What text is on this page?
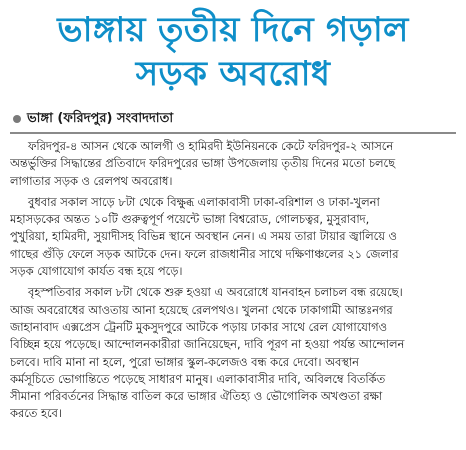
ভাঙ্গায় তৃতীয় দিনে গড়াল
সড়ক অবরোধ
ভাঙ্গা (ফরিদপুর) সংবাদদাতা

ফরিদপুর-৪ আসন থেকে আলগী ও হামিরদী ইউনিয়নকে কেটে ফরিদপুর-২ আসনে
অন্তর্ভুক্তির সিদ্ধান্তের প্রতিবাদে ফরিদপুরের ভাঙ্গা উপজেলায় তৃতীয় দিনের মতো চলছে
লাগাতার সড়ক ও রেলপথ অবরোধ।

বুধবার সকাল সাড়ে ৮টা থেকে বিক্ষুব্ধ এলাকাবাসী ঢাকা-বরিশাল ও ঢাকা-খুলনা
মহাসড়কের অন্তত ১০টি গুরুত্বপূর্ণ পয়েন্টে ভাঙ্গা বিশ্বরোড, গোলচত্বর, মুসুরাবাদ,
পুখুরিয়া, হামিরদী, সুয়াদীসহ বিভিন্ন স্থানে অবস্থান নেন। এ সময় তারা টায়ার জ্বালিয়ে ও
গাছের গুঁড়ি ফেলে সড়ক আটকে দেন। ফলে রাজধানীর সাথে দক্ষিণাঞ্চলের ২১ জেলার
সড়ক যোগাযোগ কার্যত বন্ধ হয়ে পড়ে।

বৃহস্পতিবার সকাল ৮টা থেকে শুরু হওয়া এ অবরোধে যানবাহন চলাচল বন্ধ রয়েছে।
আজ অবরোধের আওতায় আনা হয়েছে রেলপথও। খুলনা থেকে ঢাকাগামী আন্তঃনগর
জাহানাবাদ এক্সপ্রেস ট্রেনটি মুকসুদপুরে আটকে পড়ায় ঢাকার সাথে রেল যোগাযোগও
বিচ্ছিন্ন হয়ে পড়েছে। আন্দোলনকারীরা জানিয়েছেন, দাবি পূরণ না হওয়া পর্যন্ত আন্দোলন
চলবে। দাবি মানা না হলে, পুরো ভাঙ্গার স্কুল-কলেজও বন্ধ করে দেবো। অবস্থান
কর্মসূচিতে ভোগান্তিতে পড়েছে সাধারণ মানুষ। এলাকাবাসীর দাবি, অবিলম্বে বিতর্কিত
সীমানা পরিবর্তনের সিদ্ধান্ত বাতিল করে ভাঙ্গার ঐতিহ্য ও ভৌগোলিক অখণ্ডতা রক্ষা
করতে হবে।
